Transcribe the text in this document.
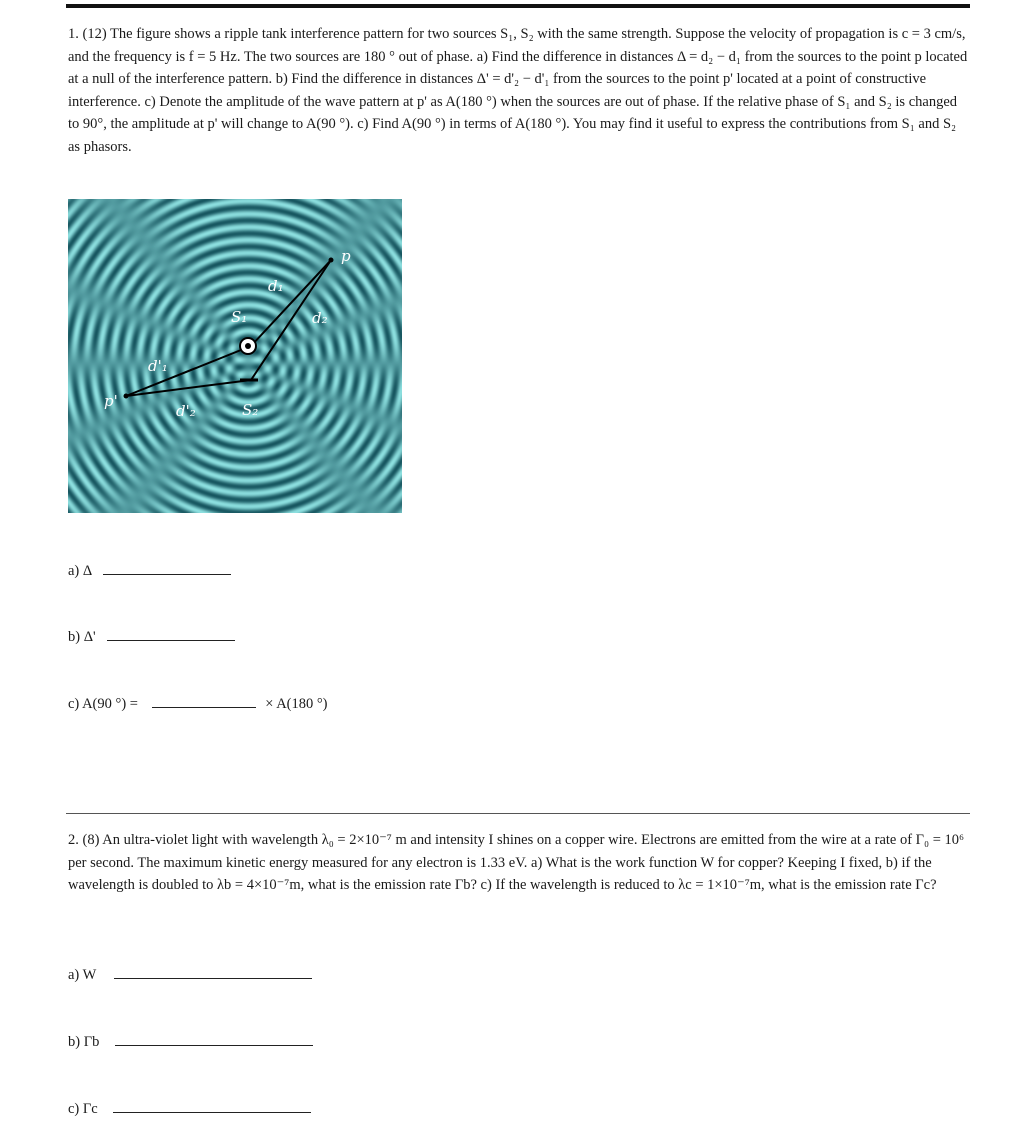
1. (12) The figure shows a ripple tank interference pattern for two sources S₁, S₂ with the same strength. Suppose the velocity of propagation is c = 3 cm/s, and the frequency is f = 5 Hz. The two sources are 180 ° out of phase. a) Find the difference in distances Δ = d₂ − d₁ from the sources to the point p located at a null of the interference pattern. b) Find the difference in distances Δ' = d'₂ − d'₁ from the sources to the point p' located at a point of constructive interference. c) Denote the amplitude of the wave pattern at p' as A(180 °) when the sources are out of phase. If the relative phase of S₁ and S₂ is changed to 90°, the amplitude at p' will change to A(90 °). c) Find A(90 °) in terms of A(180 °). You may find it useful to express the contributions from S₁ and S₂ as phasors.
p
d₁
d₂
S₁
d'₁
p'
d'₂	S₂
a) Δ
b) Δ'
c) A(90 °) =	× A(180 °)
2. (8) An ultra-violet light with wavelength λ₀ = 2×10⁻⁷ m and intensity I shines on a copper wire. Electrons are emitted from the wire at a rate of Γ₀ = 10⁶ per second. The maximum kinetic energy measured for any electron is 1.33 eV. a) What is the work function W for copper? Keeping I fixed, b) if the wavelength is doubled to λb = 4×10⁻⁷m, what is the emission rate Γb? c) If the wavelength is reduced to λc = 1×10⁻⁷m, what is the emission rate Γc?
a) W
b) Γb
c) Γc
